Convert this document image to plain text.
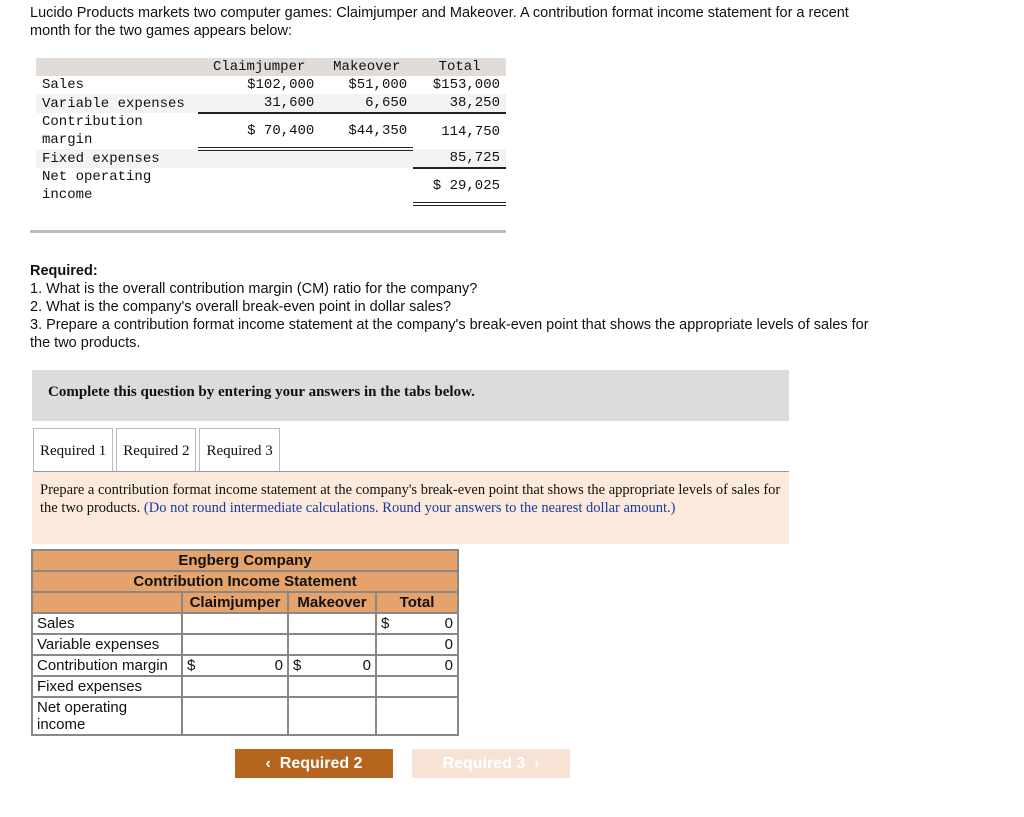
Lucido Products markets two computer games: Claimjumper and Makeover. A contribution format income statement for a recent month for the two games appears below:
	Claimjumper	Makeover	Total
Sales	$102,000	$51,000	$153,000
Variable expenses	31,600	6,650	38,250
Contribution margin	$ 70,400	$44,350	114,750
Fixed expenses			85,725
Net operating income			$ 29,025
Required:
1. What is the overall contribution margin (CM) ratio for the company?
2. What is the company's overall break-even point in dollar sales?
3. Prepare a contribution format income statement at the company's break-even point that shows the appropriate levels of sales for the two products.
Complete this question by entering your answers in the tabs below.
Required 1	Required 2	Required 3
Prepare a contribution format income statement at the company's break-even point that shows the appropriate levels of sales for the two products. (Do not round intermediate calculations. Round your answers to the nearest dollar amount.)
Engberg Company			
Contribution Income Statement			
	Claimjumper	Makeover	Total
Sales			$ 0

Variable expenses			0
Contribution margin	$ 0	$ 0	0
Fixed expenses			
Net operating income			
‹  Required 2	Required 3  ›
